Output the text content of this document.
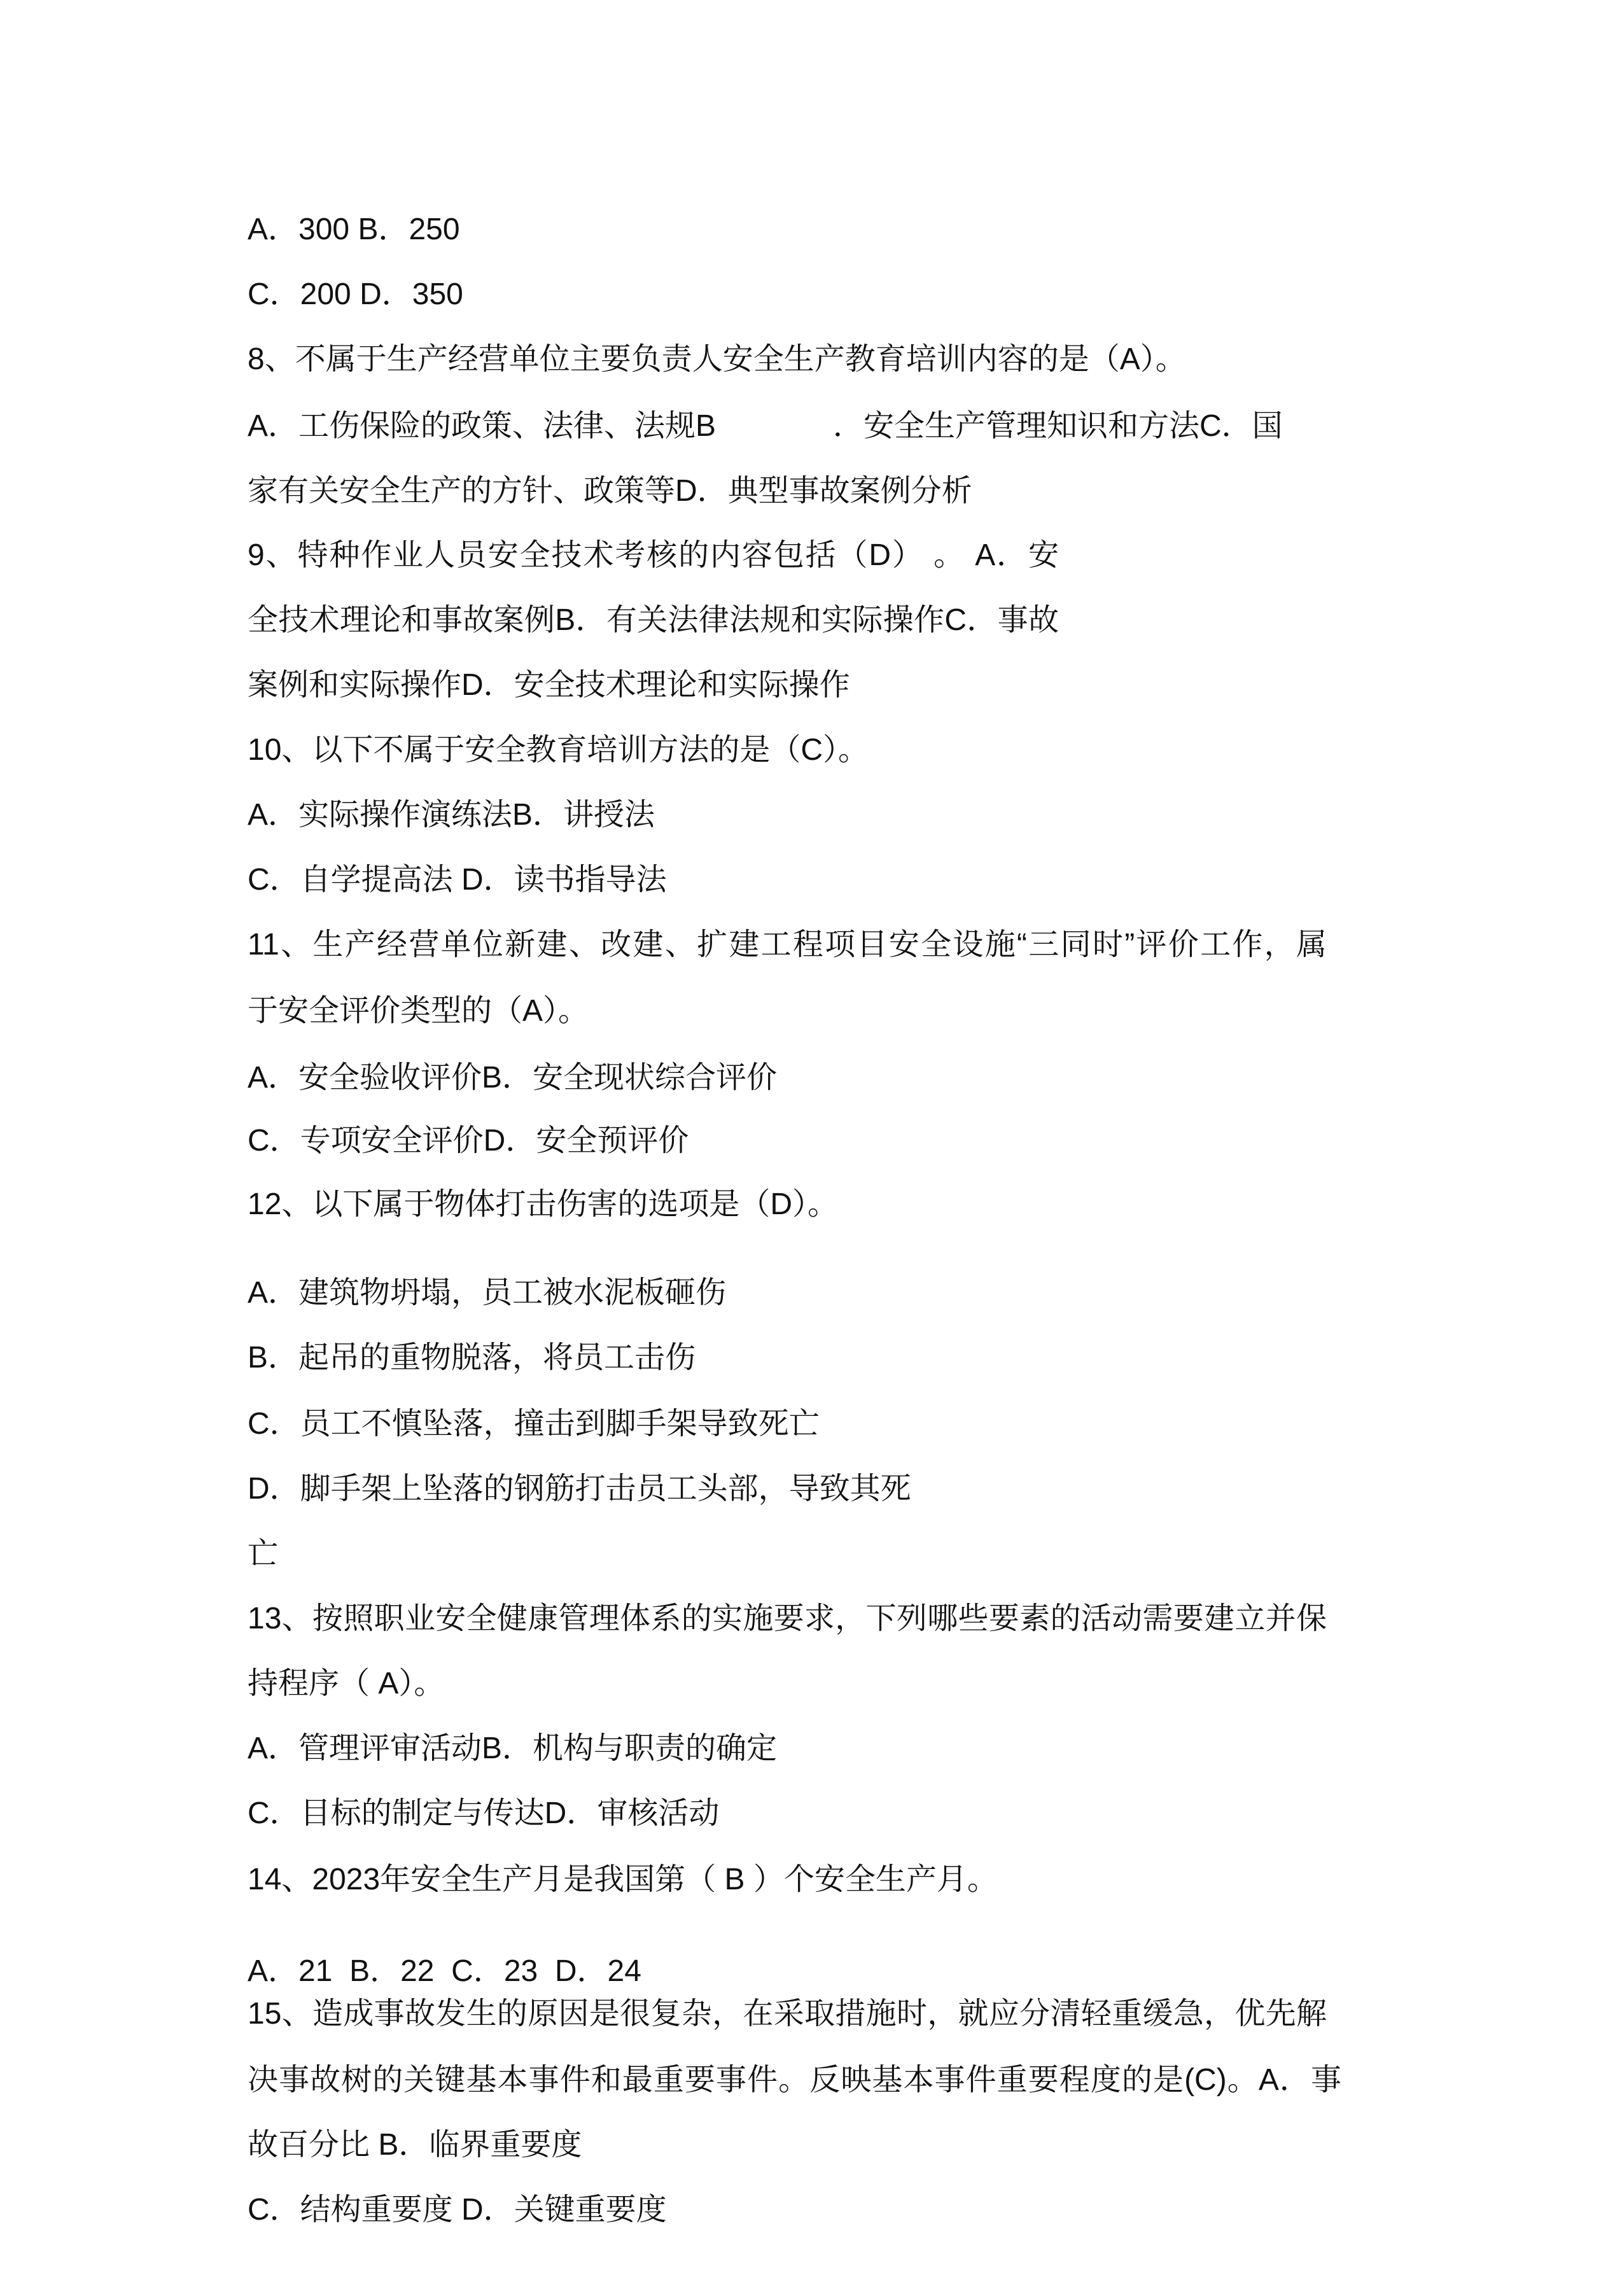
A．300 B．250
C．200 D．350
8、不属于生产经营单位主要负责人安全生产教育培训内容的是（A）。
A．工伤保险的政策、法律、法规B	．安全生产管理知识和方法C．国
家有关安全生产的方针、政策等D．典型事故案例分析
9、特种作业人员安全技术考核的内容包括（D） 。 A．安
全技术理论和事故案例B．有关法律法规和实际操作C．事故
案例和实际操作D．安全技术理论和实际操作
10、以下不属于安全教育培训方法的是（C）。
A．实际操作演练法B．讲授法
C．自学提高法 D．读书指导法
11、生产经营单位新建、改建、扩建工程项目安全设施“三同时”评价工作，属
于安全评价类型的（A）。
A．安全验收评价B．安全现状综合评价
C．专项安全评价D．安全预评价
12、以下属于物体打击伤害的选项是（D）。
A．建筑物坍塌，员工被水泥板砸伤
B．起吊的重物脱落，将员工击伤
C．员工不慎坠落，撞击到脚手架导致死亡
D．脚手架上坠落的钢筋打击员工头部，导致其死
亡
13、按照职业安全健康管理体系的实施要求，下列哪些要素的活动需要建立并保
持程序（ A）。
A．管理评审活动B．机构与职责的确定
C．目标的制定与传达D．审核活动
14、2023年安全生产月是我国第（ B ）个安全生产月。
A．21  B．22  C．23  D．24
15、造成事故发生的原因是很复杂，在采取措施时，就应分清轻重缓急，优先解
决事故树的关键基本事件和最重要事件。反映基本事件重要程度的是(C)。A．事
故百分比 B．临界重要度
C．结构重要度 D．关键重要度
